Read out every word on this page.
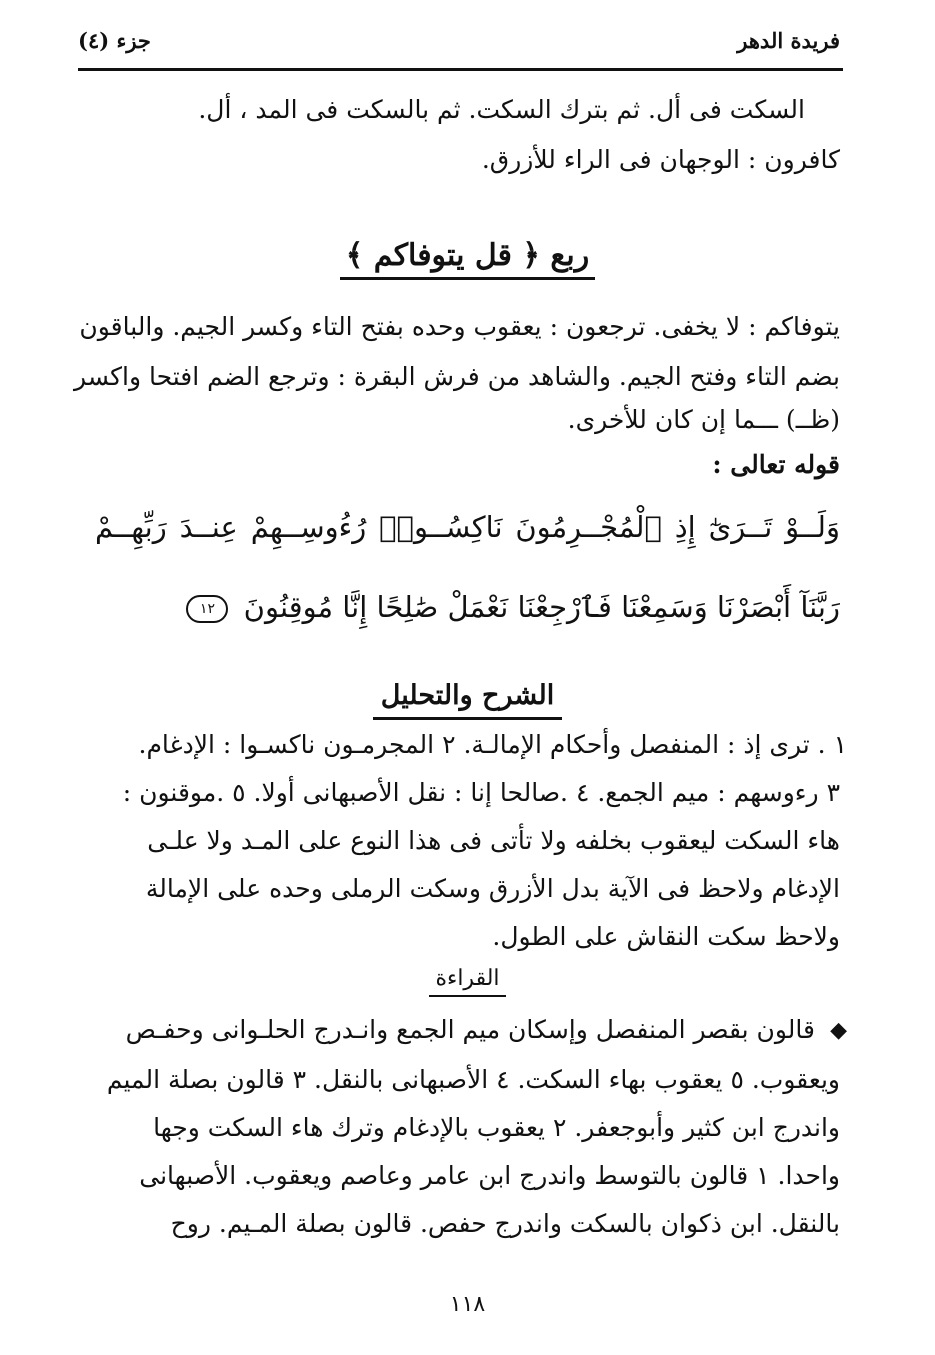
فريدة الدهر
جزء (٤)
السكت فى أل. ثم بترك السكت. ثم بالسكت فى المد ، أل.
كافرون : الوجهان فى الراء للأزرق.
ربع ﴿ قل يتوفاكم ﴾
يتوفاكم : لا يخفى. ترجعون : يعقوب وحده بفتح التاء وكسر الجيم. والباقون
بضم التاء وفتح الجيم. والشاهد من فرش البقرة : وترجع الضم افتحا واكسر
(ظــ) ـــما إن كان للأخرى.
قوله تعالى :
وَلَــوْ تَــرَىٰٓ إِذِ ٱلْمُجْــرِمُونَ نَاكِسُــوا۟ رُءُوسِــهِمْ عِنــدَ رَبِّهِــمْ
رَبَّنَآ أَبْصَرْنَا وَسَمِعْنَا فَٱرْجِعْنَا نَعْمَلْ صَٰلِحًا إِنَّا مُوقِنُونَ ١٢
الشرح والتحليل
١ . ترى إذ : المنفصل وأحكام الإمالـة. ٢ المجرمـون ناكسـوا : الإدغام.
٣ رءوسهم : ميم الجمع. ٤ .صالحا إنا : نقل الأصبهانى أولا. ٥ .موقنون :
هاء السكت ليعقوب بخلفه ولا تأتى فى هذا النوع على المـد ولا علـى
الإدغام ولاحظ فى الآية بدل الأزرق وسكت الرملى وحده على الإمالة
ولاحظ سكت النقاش على الطول.
القراءة
◆
قالون بقصر المنفصل وإسكان ميم الجمع وانـدرج الحلـوانى وحفـص
ويعقوب. ٥ يعقوب بهاء السكت. ٤ الأصبهانى بالنقل. ٣ قالون بصلة الميم
واندرج ابن كثير وأبوجعفر. ٢ يعقوب بالإدغام وترك هاء السكت وجها
واحدا. ١ قالون بالتوسط واندرج ابن عامر وعاصم ويعقوب. الأصبهانى
بالنقل. ابن ذكوان بالسكت واندرج حفص. قالون بصلة المـيم. روح
١١٨
